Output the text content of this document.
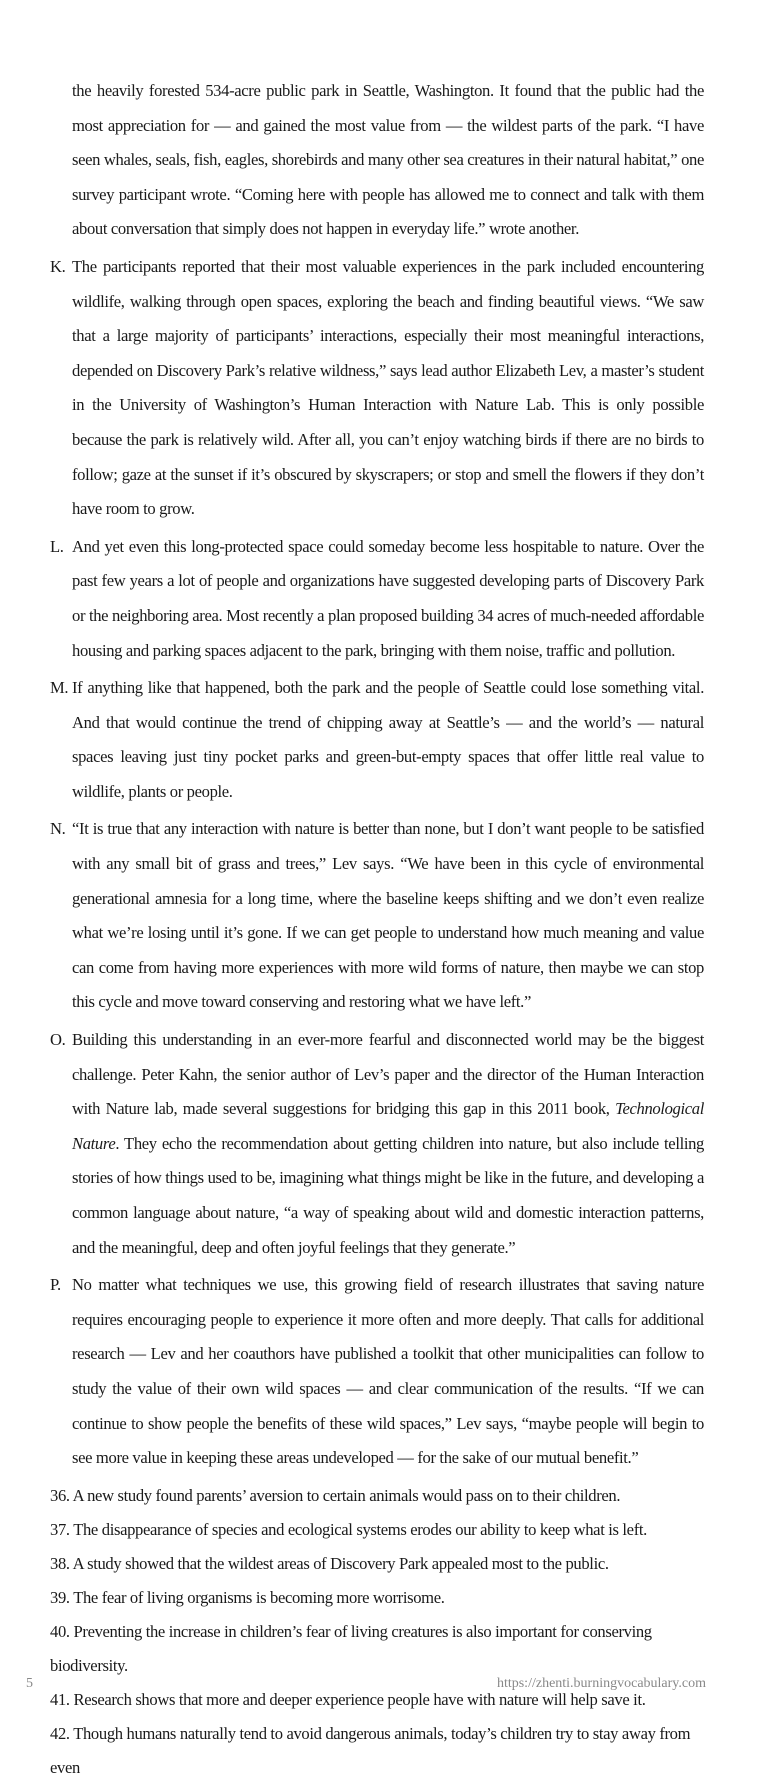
the heavily forested 534-acre public park in Seattle, Washington. It found that the public had the most appreciation for — and gained the most value from — the wildest parts of the park. “I have seen whales, seals, fish, eagles, shorebirds and many other sea creatures in their natural habitat,” one survey participant wrote. “Coming here with people has allowed me to connect and talk with them about conversation that simply does not happen in everyday life.” wrote another.

K. The participants reported that their most valuable experiences in the park included encountering wildlife, walking through open spaces, exploring the beach and finding beautiful views. “We saw that a large majority of participants’ interactions, especially their most meaningful interactions, depended on Discovery Park’s relative wildness,” says lead author Elizabeth Lev, a master’s student in the University of Washington’s Human Interaction with Nature Lab. This is only possible because the park is relatively wild. After all, you can’t enjoy watching birds if there are no birds to follow; gaze at the sunset if it’s obscured by skyscrapers; or stop and smell the flowers if they don’t have room to grow.
L. And yet even this long-protected space could someday become less hospitable to nature. Over the past few years a lot of people and organizations have suggested developing parts of Discovery Park or the neighboring area. Most recently a plan proposed building 34 acres of much-needed affordable housing and parking spaces adjacent to the park, bringing with them noise, traffic and pollution.
M. If anything like that happened, both the park and the people of Seattle could lose something vital. And that would continue the trend of chipping away at Seattle’s — and the world’s — natural spaces leaving just tiny pocket parks and green-but-empty spaces that offer little real value to wildlife, plants or people.
N. “It is true that any interaction with nature is better than none, but I don’t want people to be satisfied with any small bit of grass and trees,” Lev says. “We have been in this cycle of environmental generational amnesia for a long time, where the baseline keeps shifting and we don’t even realize what we’re losing until it’s gone. If we can get people to understand how much meaning and value can come from having more experiences with more wild forms of nature, then maybe we can stop this cycle and move toward conserving and restoring what we have left.”
O. Building this understanding in an ever-more fearful and disconnected world may be the biggest challenge. Peter Kahn, the senior author of Lev’s paper and the director of the Human Interaction with Nature lab, made several suggestions for bridging this gap in this 2011 book, Technological Nature. They echo the recommendation about getting children into nature, but also include telling stories of how things used to be, imagining what things might be like in the future, and developing a common language about nature, “a way of speaking about wild and domestic interaction patterns, and the meaningful, deep and often joyful feelings that they generate.”
P. No matter what techniques we use, this growing field of research illustrates that saving nature requires encouraging people to experience it more often and more deeply. That calls for additional research — Lev and her coauthors have published a toolkit that other municipalities can follow to study the value of their own wild spaces — and clear communication of the results. “If we can continue to show people the benefits of these wild spaces,” Lev says, “maybe people will begin to see more value in keeping these areas undeveloped — for the sake of our mutual benefit.”
36. A new study found parents’ aversion to certain animals would pass on to their children.
37. The disappearance of species and ecological systems erodes our ability to keep what is left.
38. A study showed that the wildest areas of Discovery Park appealed most to the public.
39. The fear of living organisms is becoming more worrisome.
40. Preventing the increase in children’s fear of living creatures is also important for conserving biodiversity.
41. Research shows that more and deeper experience people have with nature will help save it.
42. Though humans naturally tend to avoid dangerous animals, today’s children try to stay away from even
5	https://zhenti.burningvocabulary.com
